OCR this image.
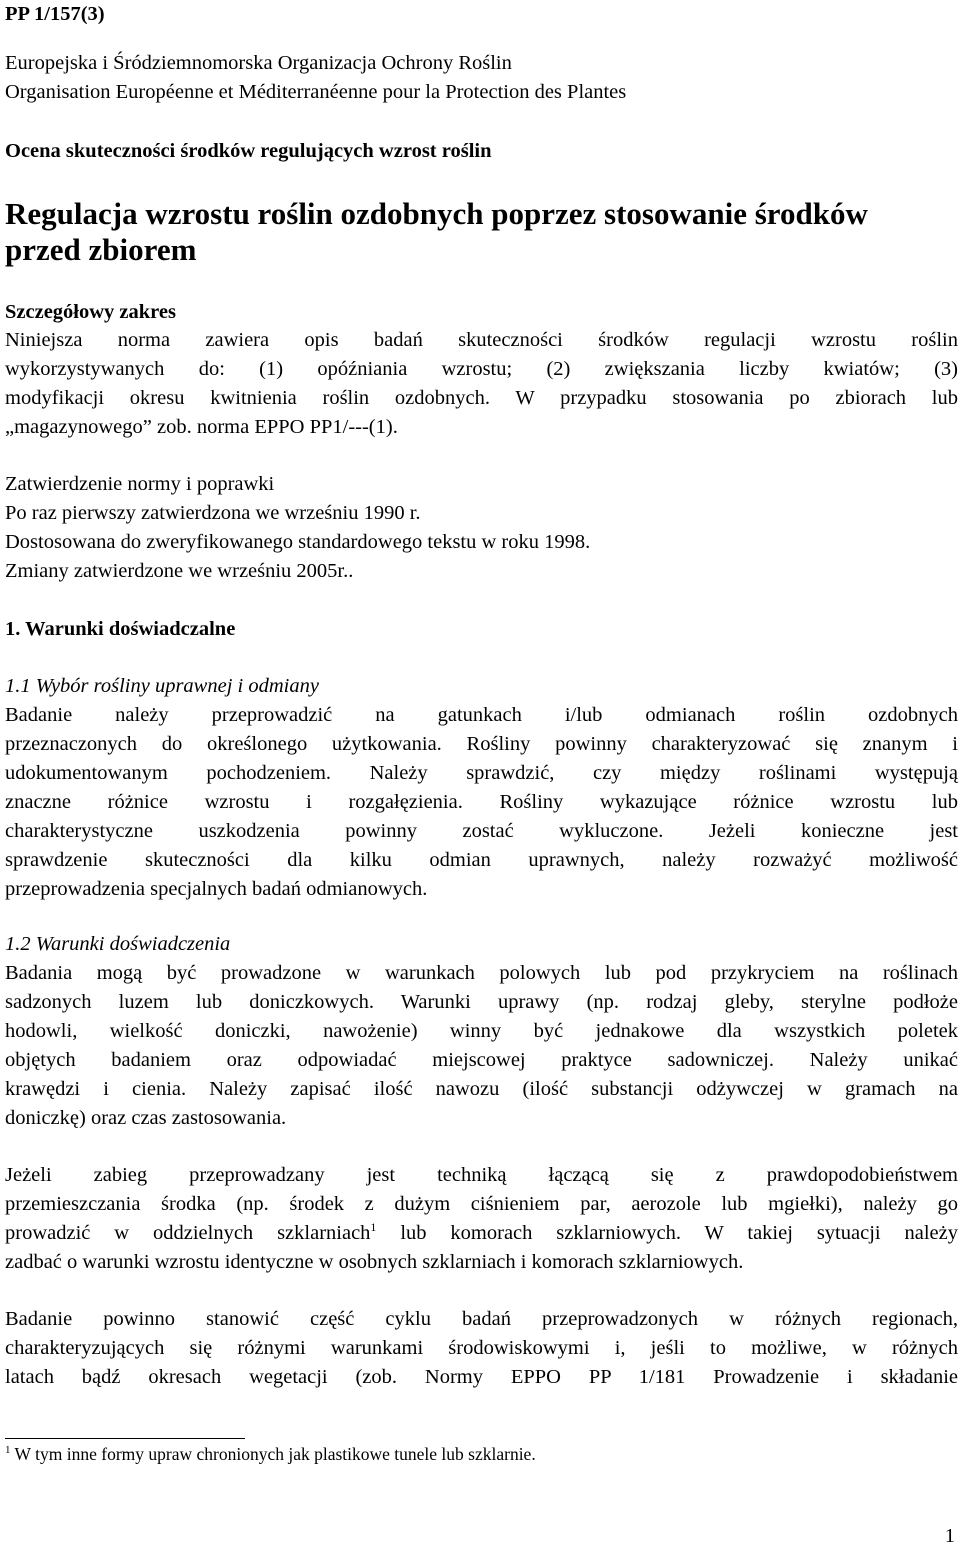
PP 1/157(3)
Europejska i Śródziemnomorska Organizacja Ochrony Roślin
Organisation Européenne et Méditerranéenne pour la Protection des Plantes
Ocena skuteczności środków regulujących wzrost roślin
Regulacja wzrostu roślin ozdobnych poprzez stosowanie środków
przed zbiorem
Szczegółowy zakres
Niniejsza norma zawiera opis badań skuteczności środków regulacji wzrostu roślin
wykorzystywanych do: (1) opóźniania wzrostu; (2) zwiększania liczby kwiatów; (3)
modyfikacji okresu kwitnienia roślin ozdobnych. W przypadku stosowania po zbiorach lub
„magazynowego” zob. norma EPPO PP1/---(1).
Zatwierdzenie normy i poprawki
Po raz pierwszy zatwierdzona we wrześniu 1990 r.
Dostosowana do zweryfikowanego standardowego tekstu w roku 1998.
Zmiany zatwierdzone we wrześniu 2005r..
1. Warunki doświadczalne
1.1 Wybór rośliny uprawnej i odmiany
Badanie należy przeprowadzić na gatunkach i/lub odmianach roślin ozdobnych
przeznaczonych do określonego użytkowania. Rośliny powinny charakteryzować się znanym i
udokumentowanym pochodzeniem. Należy sprawdzić, czy między roślinami występują
znaczne różnice wzrostu i rozgałęzienia. Rośliny wykazujące różnice wzrostu lub
charakterystyczne uszkodzenia powinny zostać wykluczone. Jeżeli konieczne jest
sprawdzenie skuteczności dla kilku odmian uprawnych, należy rozważyć możliwość
przeprowadzenia specjalnych badań odmianowych.
1.2 Warunki doświadczenia
Badania mogą być prowadzone w warunkach polowych lub pod przykryciem na roślinach
sadzonych luzem lub doniczkowych. Warunki uprawy (np. rodzaj gleby, sterylne podłoże
hodowli, wielkość doniczki, nawożenie) winny być jednakowe dla wszystkich poletek
objętych badaniem oraz odpowiadać miejscowej praktyce sadowniczej. Należy unikać
krawędzi i cienia. Należy zapisać ilość nawozu (ilość substancji odżywczej w gramach na
doniczkę) oraz czas zastosowania.
Jeżeli zabieg przeprowadzany jest techniką łączącą się z prawdopodobieństwem
przemieszczania środka (np. środek z dużym ciśnieniem par, aerozole lub mgiełki), należy go
prowadzić w oddzielnych szklarniach$^1$ lub komorach szklarniowych. W takiej sytuacji należy
zadbać o warunki wzrostu identyczne w osobnych szklarniach i komorach szklarniowych.
Badanie powinno stanowić część cyklu badań przeprowadzonych w różnych regionach,
charakteryzujących się różnymi warunkami środowiskowymi i, jeśli to możliwe, w różnych
latach bądź okresach wegetacji (zob. Normy EPPO PP 1/181 Prowadzenie i składanie
$^1$ W tym inne formy upraw chronionych jak plastikowe tunele lub szklarnie.
1
